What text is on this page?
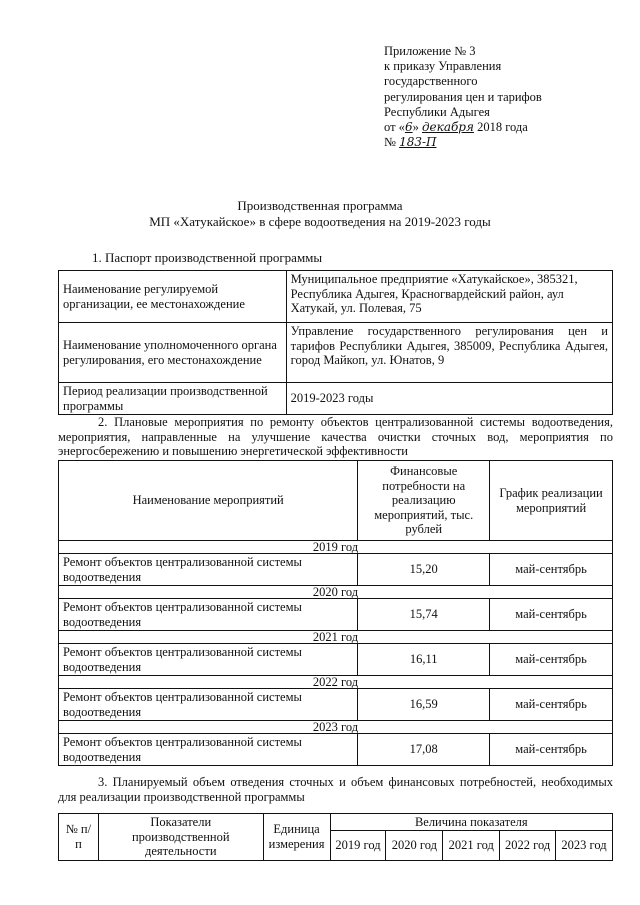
Приложение № 3
к приказу Управления
государственного
регулирования цен и тарифов
Республики Адыгея
от «6» декабря 2018 года
№ 183-П
Производственная программа
МП «Хатукайское» в сфере водоотведения на 2019-2023 годы
1. Паспорт производственной программы
Наименование регулируемой организации, ее местонахождение	Муниципальное предприятие «Хатукайское», 385321, Республика Адыгея, Красногвардейский район, аул Хатукай, ул. Полевая, 75
Наименование уполномоченного органа регулирования, его местонахождение	Управление государственного регулирования цен и тарифов Республики Адыгея, 385009, Республика Адыгея, город Майкоп, ул. Юнатов, 9
Период реализации производственной программы	2019-2023 годы
2. Плановые мероприятия по ремонту объектов централизованной системы водоотведения, мероприятия, направленные на улучшение качества очистки сточных вод, мероприятия по энергосбережению и повышению энергетической эффективности
Наименование мероприятий	Финансовые потребности на реализацию мероприятий, тыс. рублей	График реализации мероприятий
2019 год		
Ремонт объектов централизованной системы водоотведения	15,20	май-сентябрь
2020 год		
Ремонт объектов централизованной системы водоотведения	15,74	май-сентябрь
2021 год		
Ремонт объектов централизованной системы водоотведения	16,11	май-сентябрь
2022 год		
Ремонт объектов централизованной системы водоотведения	16,59	май-сентябрь
2023 год		
Ремонт объектов централизованной системы водоотведения	17,08	май-сентябрь
3. Планируемый объем отведения сточных и объем финансовых потребностей, необходимых для реализации производственной программы
№ п/п	Показатели производственной деятельности	Единица измерения	Величина показателя				
			2019 год	2020 год	2021 год	2022 год	2023 год
